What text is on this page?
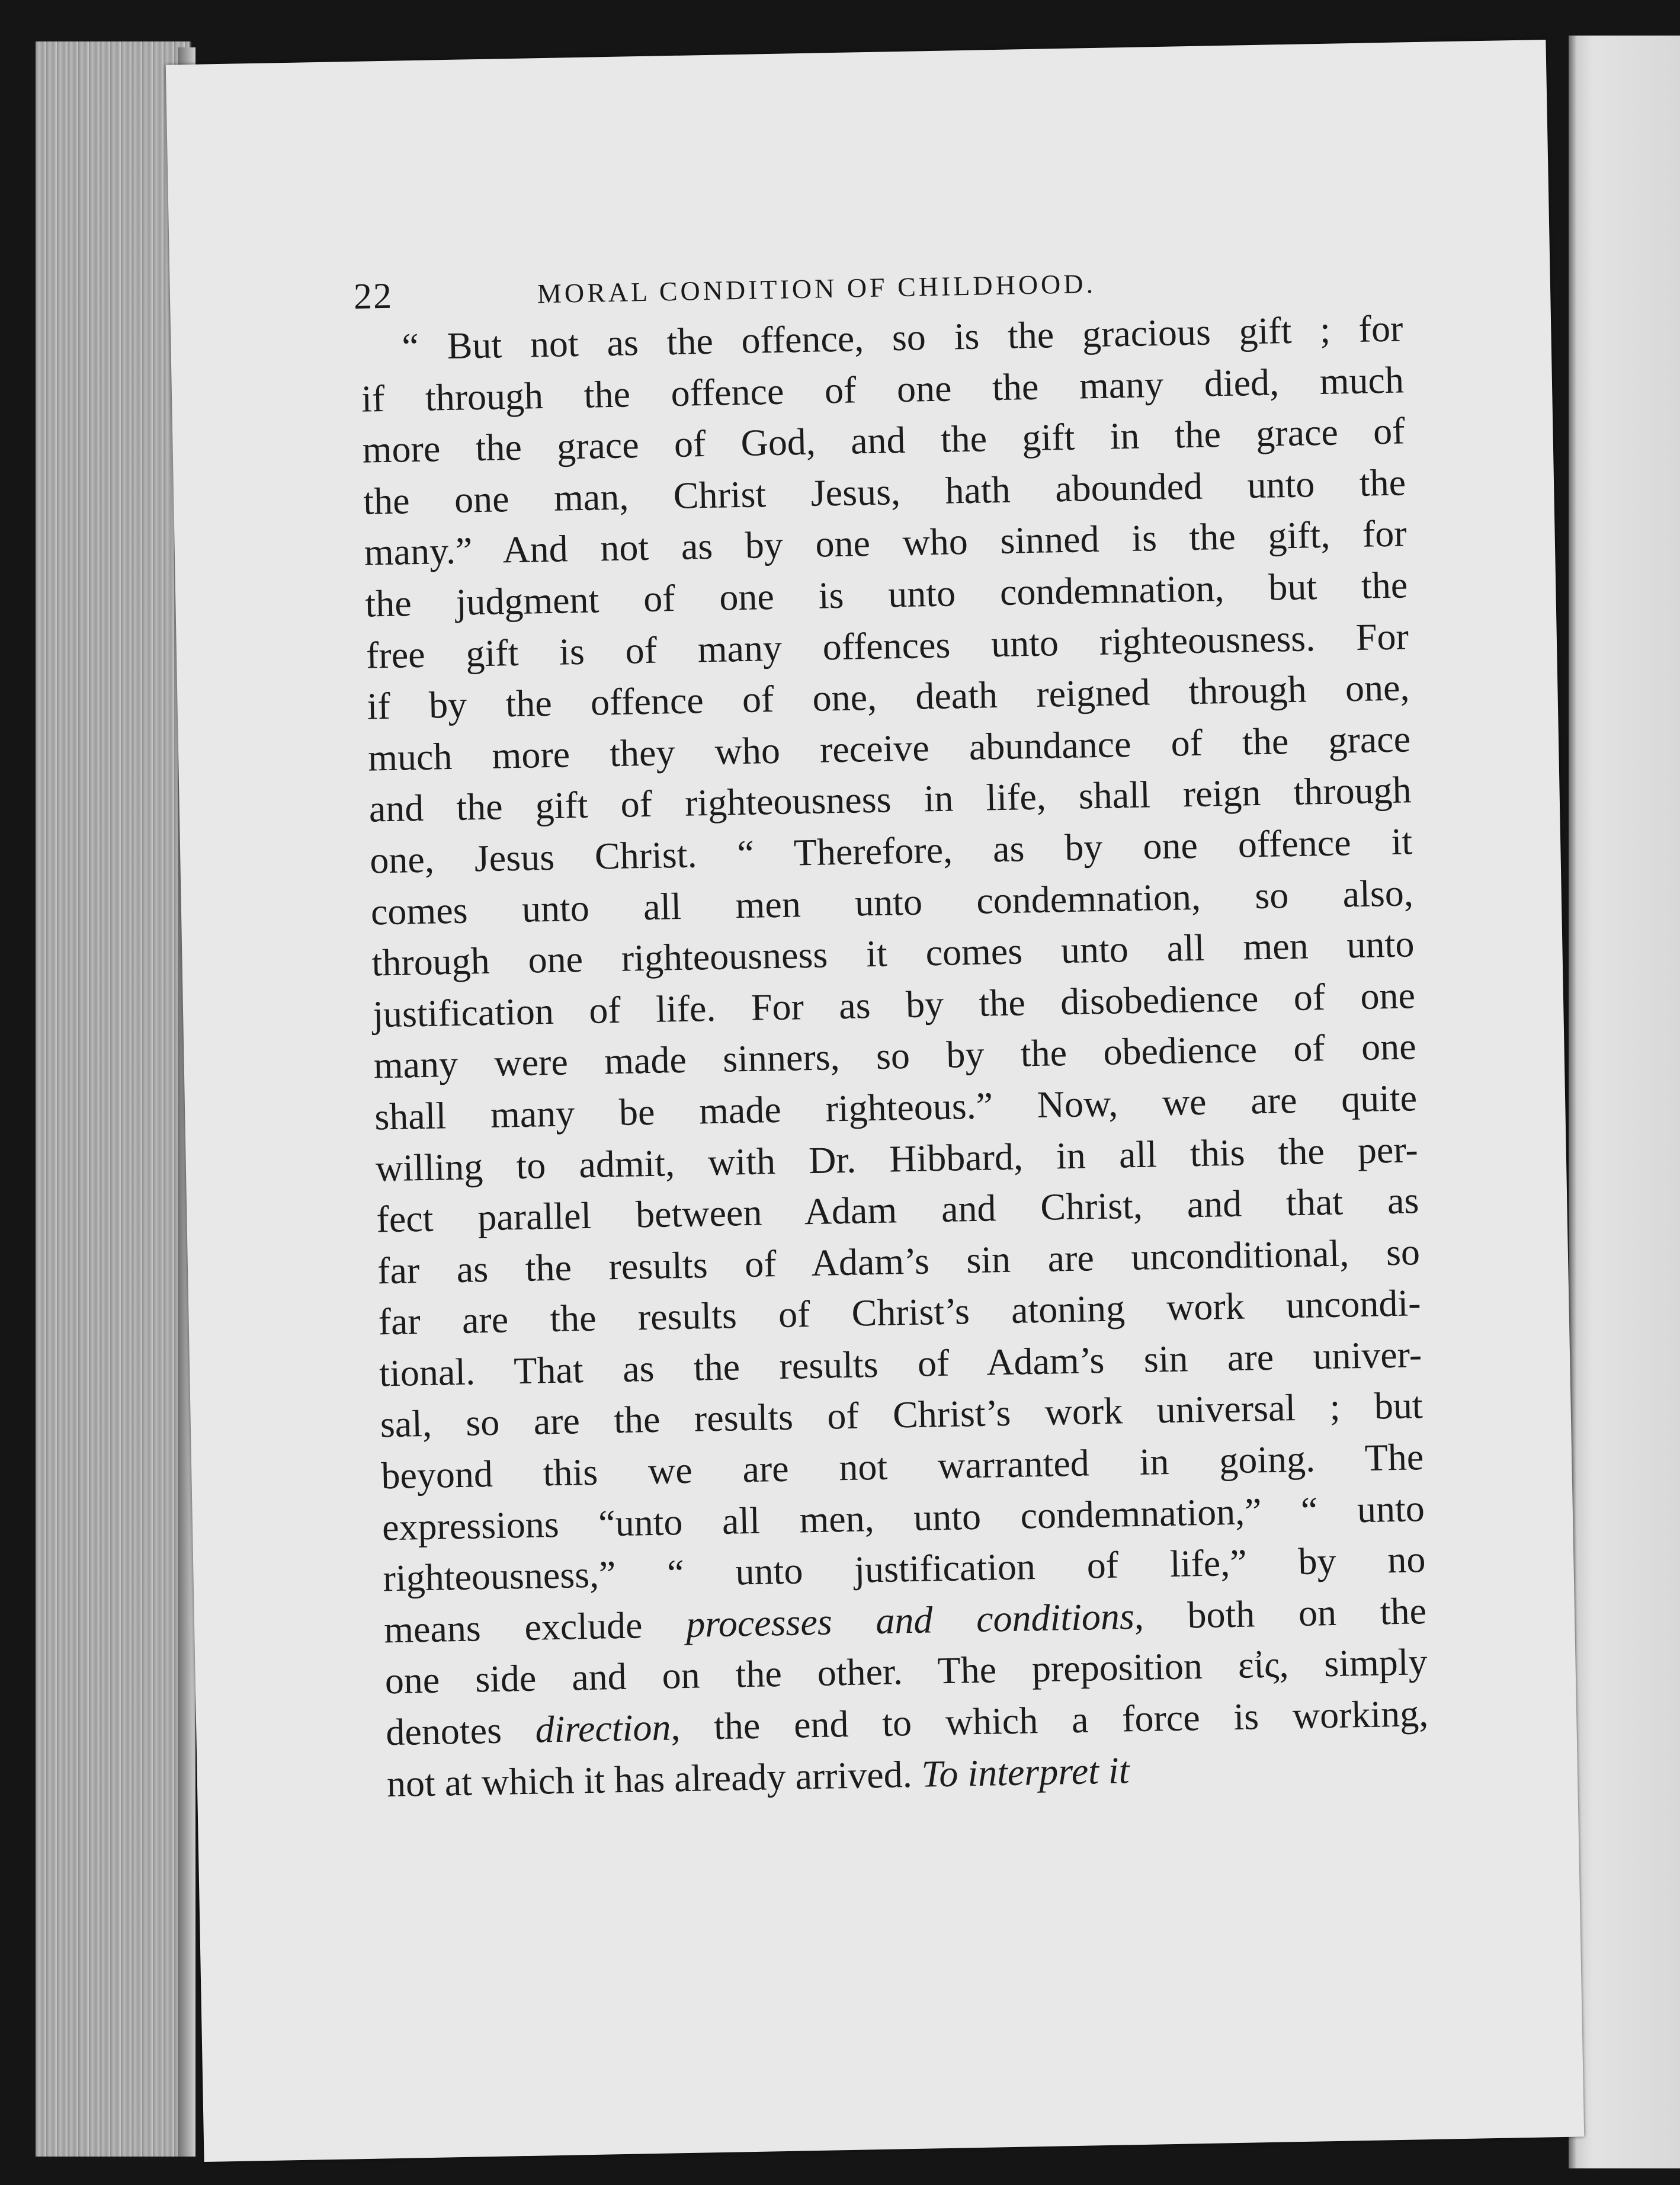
22	MORAL CONDITION OF CHILDHOOD.
“ But not as the offence, so is the gracious gift ; for
if through the offence of one the many died, much
more the grace of God, and the gift in the grace of
the one man, Christ Jesus, hath abounded unto the
many.” And not as by one who sinned is the gift, for
the judgment of one is unto condemnation, but the
free gift is of many offences unto righteousness. For
if by the offence of one, death reigned through one,
much more they who receive abundance of the grace
and the gift of righteousness in life, shall reign through
one, Jesus Christ. “ Therefore, as by one offence it
comes unto all men unto condemnation, so also,
through one righteousness it comes unto all men unto
justification of life. For as by the disobedience of one
many were made sinners, so by the obedience of one
shall many be made righteous.” Now, we are quite
willing to admit, with Dr. Hibbard, in all this the per-
fect parallel between Adam and Christ, and that as
far as the results of Adam’s sin are unconditional, so
far are the results of Christ’s atoning work uncondi-
tional. That as the results of Adam’s sin are univer-
sal, so are the results of Christ’s work universal ; but
beyond this we are not warranted in going. The
expressions “unto all men, unto condemnation,” “ unto
righteousness,” “ unto justification of life,” by no
means exclude processes and conditions, both on the
one side and on the other. The preposition εἰς, simply
denotes direction, the end to which a force is working,
not at which it has already arrived. To interpret it
